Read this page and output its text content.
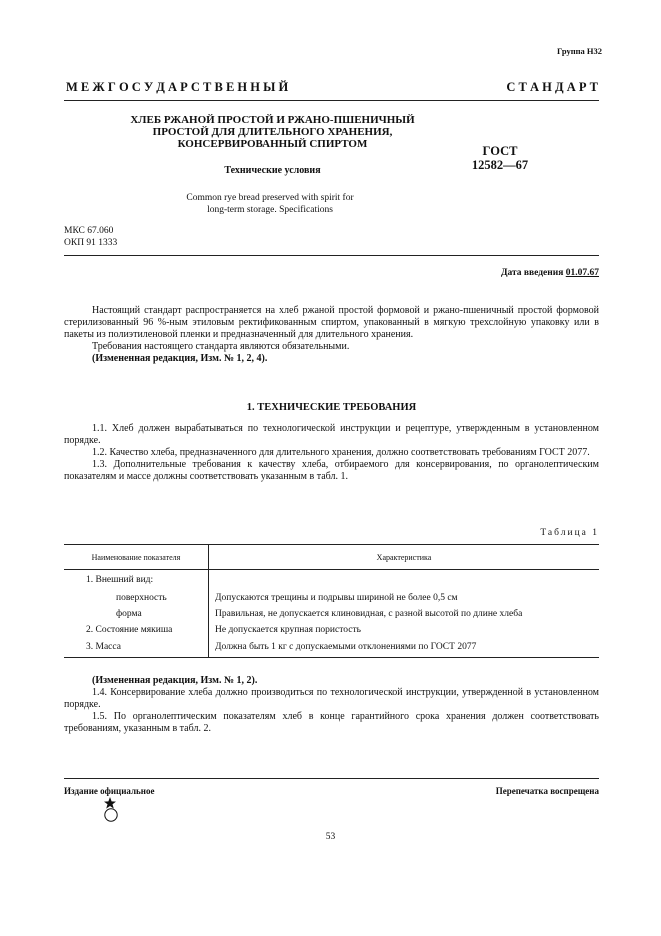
Группа Н32
М Е Ж Г О С У Д А Р С Т В Е Н Н Ы Й	С Т А Н Д А Р Т
ХЛЕБ РЖАНОЙ ПРОСТОЙ И РЖАНО-ПШЕНИЧНЫЙ
ПРОСТОЙ ДЛЯ ДЛИТЕЛЬНОГО ХРАНЕНИЯ,
КОНСЕРВИРОВАННЫЙ СПИРТОМ	ГОСТ
12582—67
Технические условия
Common rye bread preserved with spirit for
long-term storage. Specifications
МКС 67.060
ОКП 91 1333
Дата введения 01.07.67
Настоящий стандарт распространяется на хлеб ржаной простой формовой и ржано-пшеничный простой формовой стерилизованный 96 %-ным этиловым ректификованным спиртом, упакованный в мягкую трехслойную упаковку или в пакеты из полиэтиленовой пленки и предназначенный для длительного хранения.
Требования настоящего стандарта являются обязательными.
(Измененная редакция, Изм. № 1, 2, 4).
1. ТЕХНИЧЕСКИЕ ТРЕБОВАНИЯ
1.1. Хлеб должен вырабатываться по технологической инструкции и рецептуре, утвержденным в установленном порядке.
1.2. Качество хлеба, предназначенного для длительного хранения, должно соответствовать требованиям ГОСТ 2077.
1.3. Дополнительные требования к качеству хлеба, отбираемого для консервирования, по органолептическим показателям и массе должны соответствовать указанным в табл. 1.
Таблица 1
Наименование показателя	Характеристика
1. Внешний вид:	
поверхность	Допускаются трещины и подрывы шириной не более 0,5 см
форма	Правильная, не допускается клиновидная, с разной высотой по длине хлеба
2. Состояние мякиша	Не допускается крупная пористость
3. Масса	Должна быть 1 кг с допускаемыми отклонениями по ГОСТ 2077
(Измененная редакция, Изм. № 1, 2).
1.4. Консервирование хлеба должно производиться по технологической инструкции, утвержденной в установленном порядке.
1.5. По органолептическим показателям хлеб в конце гарантийного срока хранения должен соответствовать требованиям, указанным в табл. 2.
Издание официальное	Перепечатка воспрещена
53
